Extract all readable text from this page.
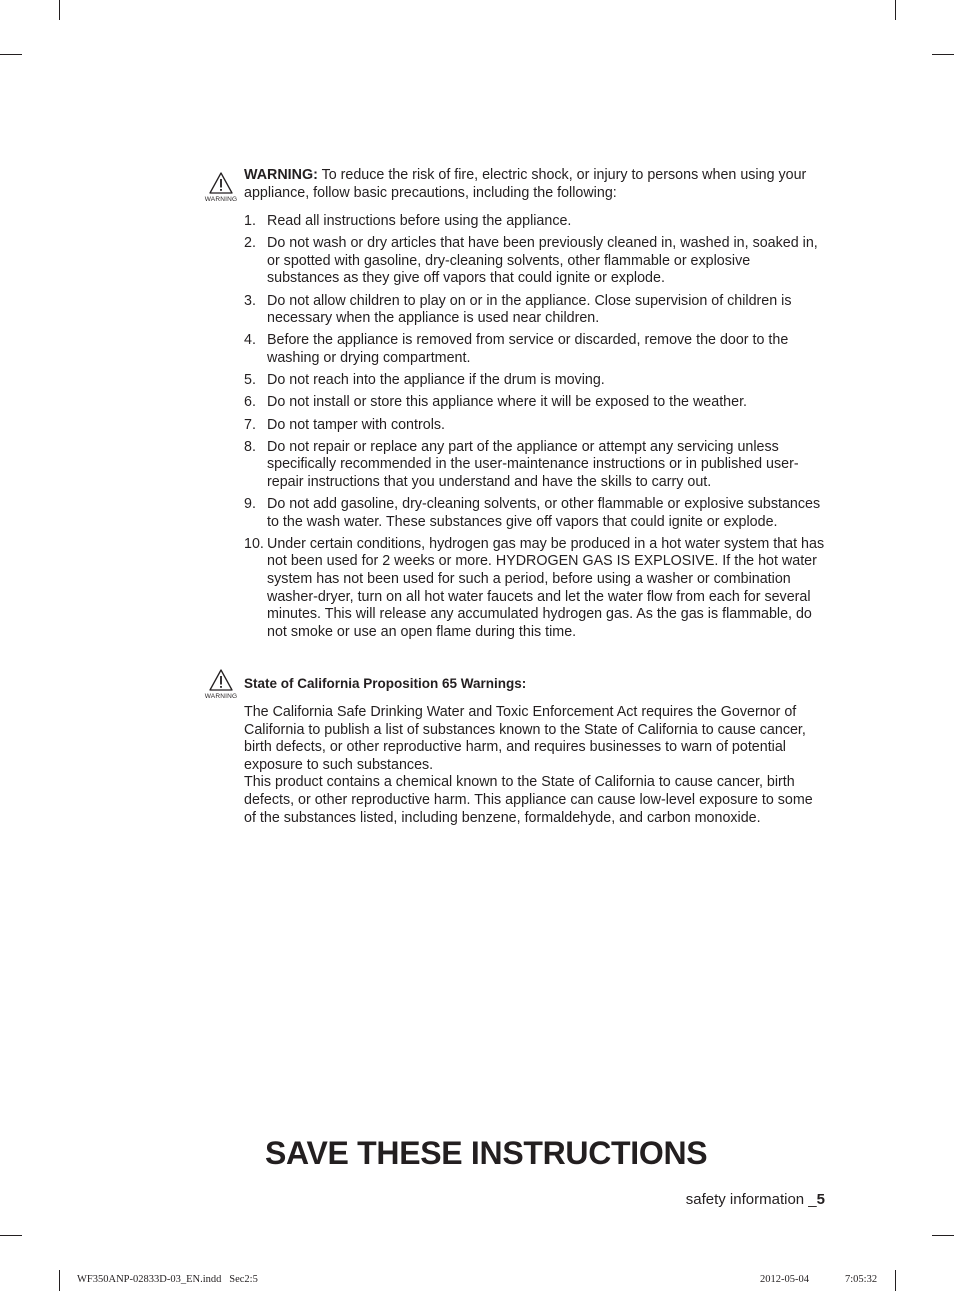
WARNING
WARNING: To reduce the risk of fire, electric shock, or injury to persons when using your appliance, follow basic precautions, including the following:
1. Read all instructions before using the appliance.
2. Do not wash or dry articles that have been previously cleaned in, washed in, soaked in, or spotted with gasoline, dry-cleaning solvents, other flammable or explosive substances as they give off vapors that could ignite or explode.
3. Do not allow children to play on or in the appliance. Close supervision of children is necessary when the appliance is used near children.
4. Before the appliance is removed from service or discarded, remove the door to the washing or drying compartment.
5. Do not reach into the appliance if the drum is moving.
6. Do not install or store this appliance where it will be exposed to the weather.
7. Do not tamper with controls.
8. Do not repair or replace any part of the appliance or attempt any servicing unless specifically recommended in the user-maintenance instructions or in published user-repair instructions that you understand and have the skills to carry out.
9. Do not add gasoline, dry-cleaning solvents, or other flammable or explosive substances to the wash water. These substances give off vapors that could ignite or explode.
10. Under certain conditions, hydrogen gas may be produced in a hot water system that has not been used for 2 weeks or more. HYDROGEN GAS IS EXPLOSIVE. If the hot water system has not been used for such a period, before using a washer or combination washer-dryer, turn on all hot water faucets and let the water flow from each for several minutes. This will release any accumulated hydrogen gas. As the gas is flammable, do not smoke or use an open flame during this time.
WARNING
State of California Proposition 65 Warnings:

The California Safe Drinking Water and Toxic Enforcement Act requires the Governor of California to publish a list of substances known to the State of California to cause cancer, birth defects, or other reproductive harm, and requires businesses to warn of potential exposure to such substances.

This product contains a chemical known to the State of California to cause cancer, birth defects, or other reproductive harm. This appliance can cause low-level exposure to some of the substances listed, including benzene, formaldehyde, and carbon monoxide.

SAVE THESE INSTRUCTIONS
safety information _5
WF350ANP-02833D-03_EN.indd   Sec2:5	2012-05-04	7:05:32
